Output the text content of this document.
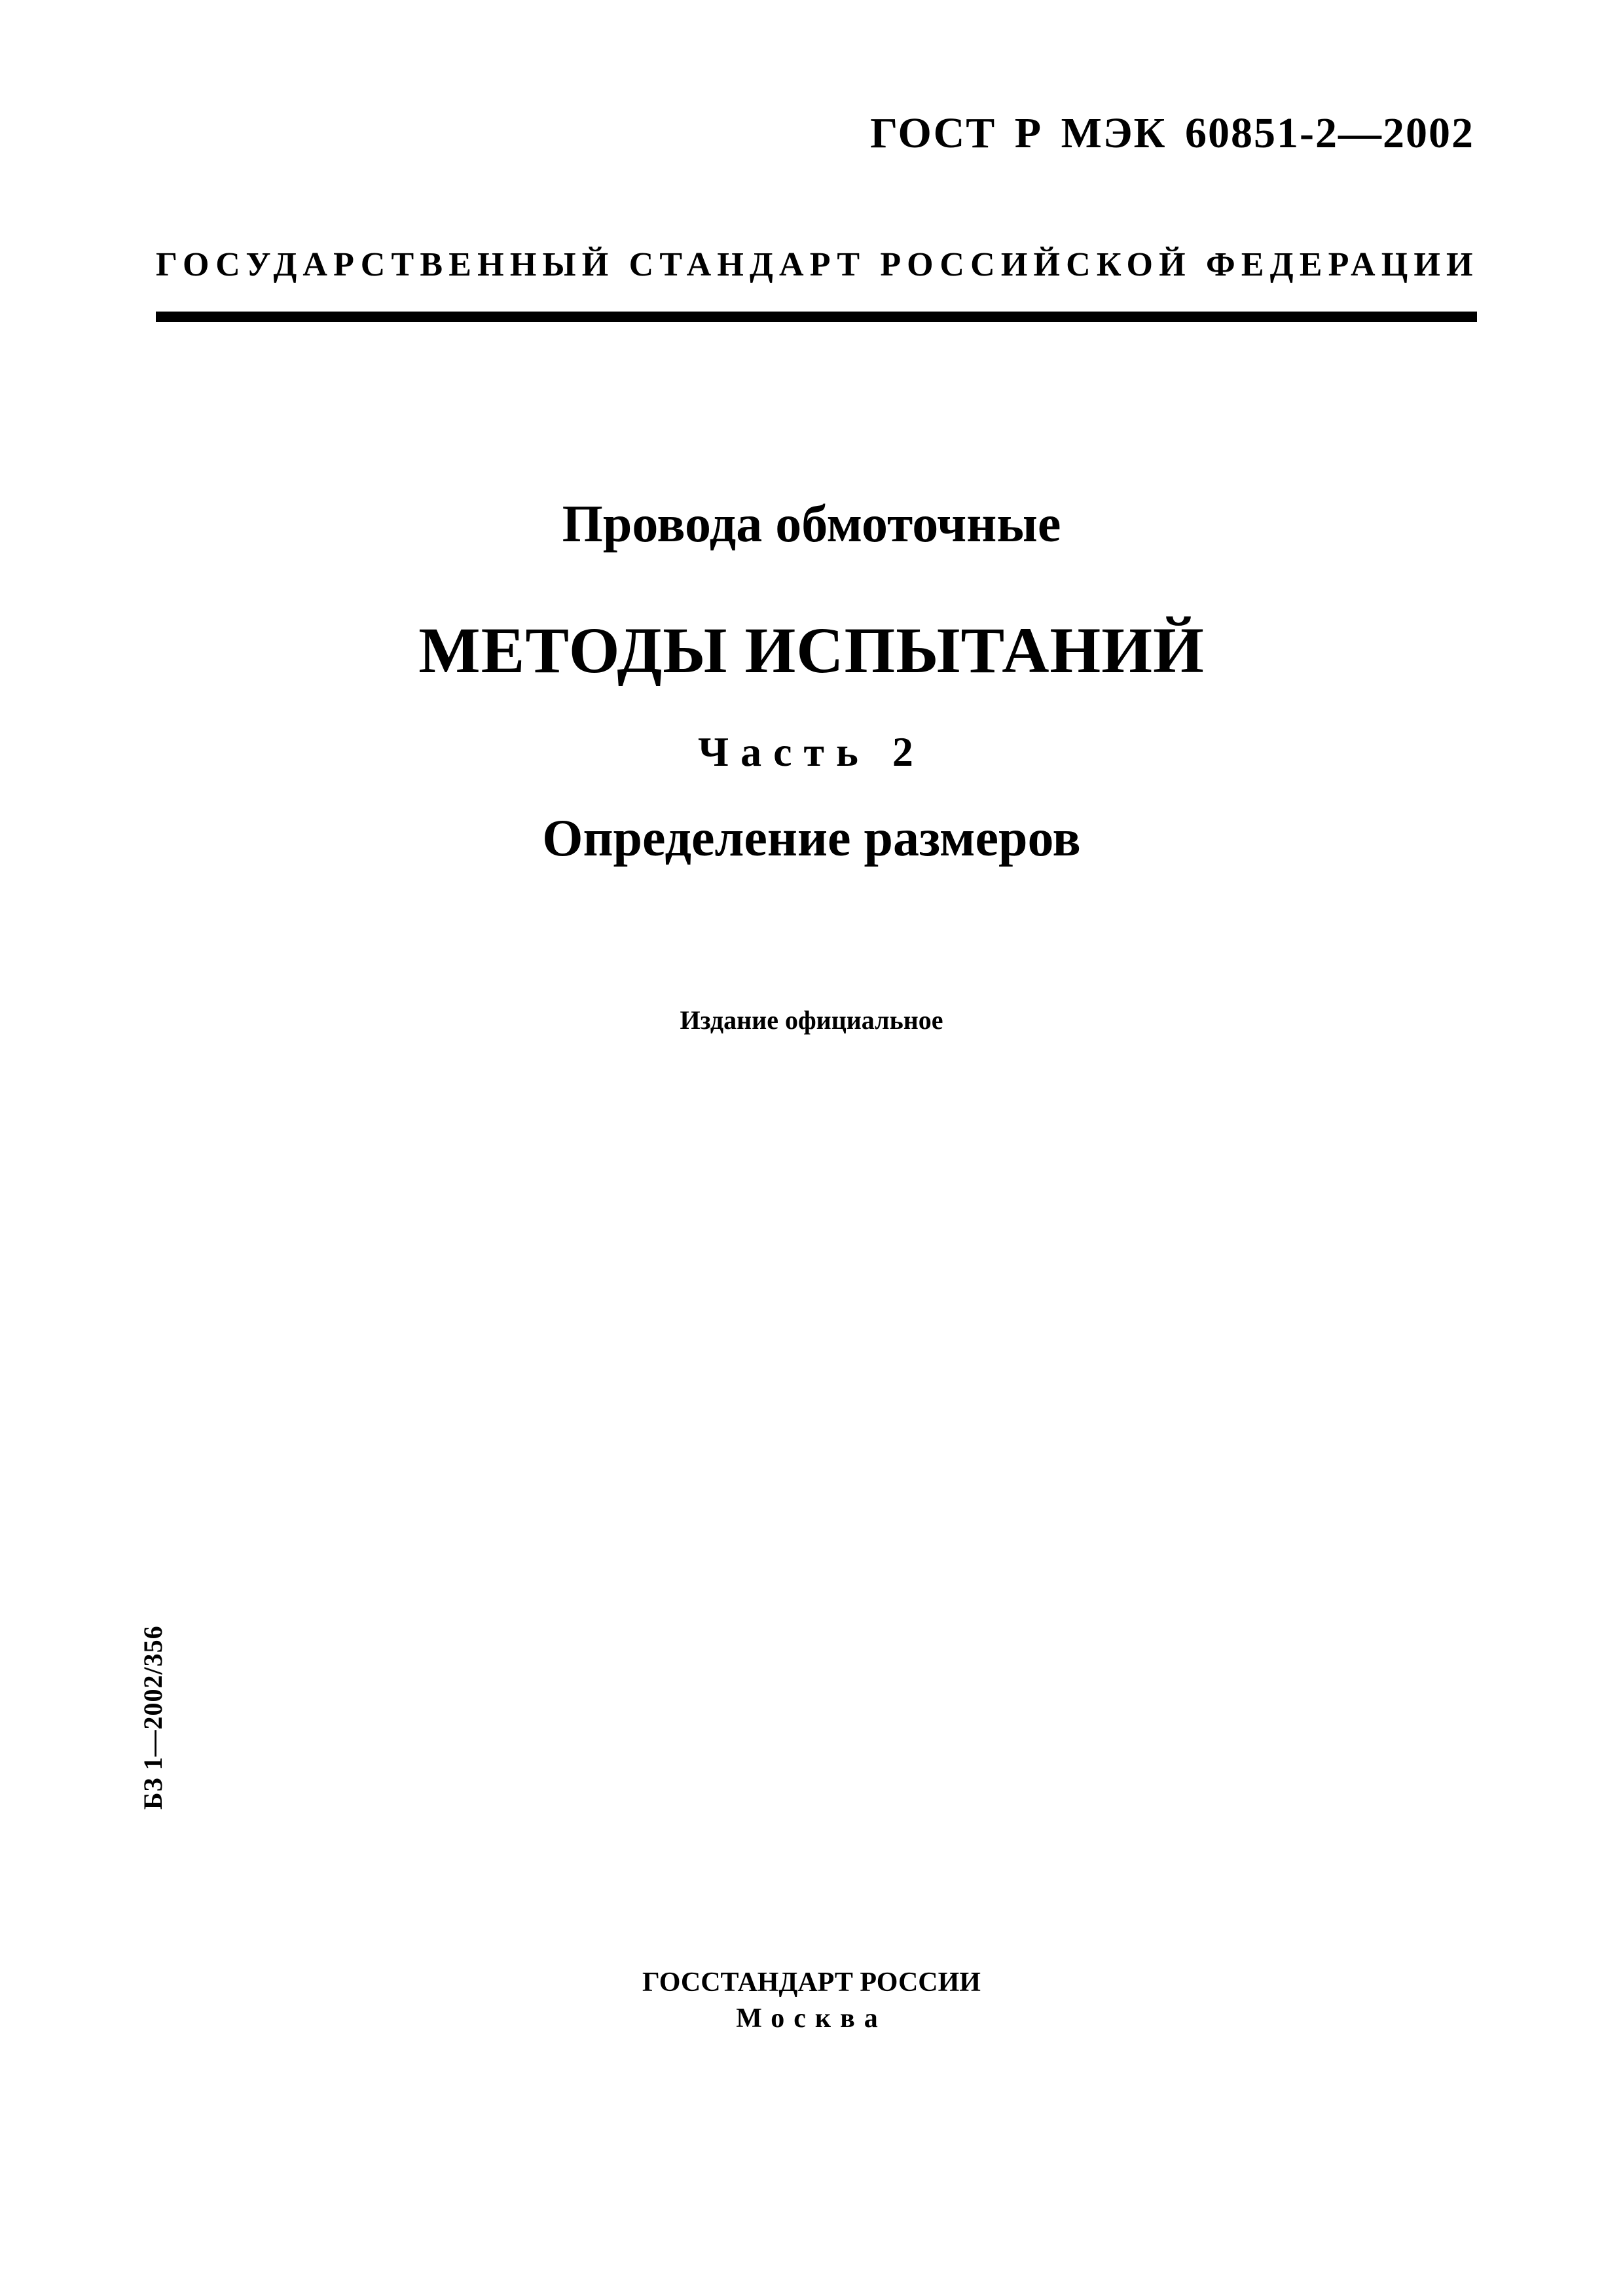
ГОСТ Р МЭК 60851-2—2002
ГОСУДАРСТВЕННЫЙ СТАНДАРТ РОССИЙСКОЙ ФЕДЕРАЦИИ
Провода обмоточные
МЕТОДЫ ИСПЫТАНИЙ
Часть 2
Определение размеров
Издание официальное
БЗ 1—2002/356
ГОССТАНДАРТ РОССИИ
Москва
